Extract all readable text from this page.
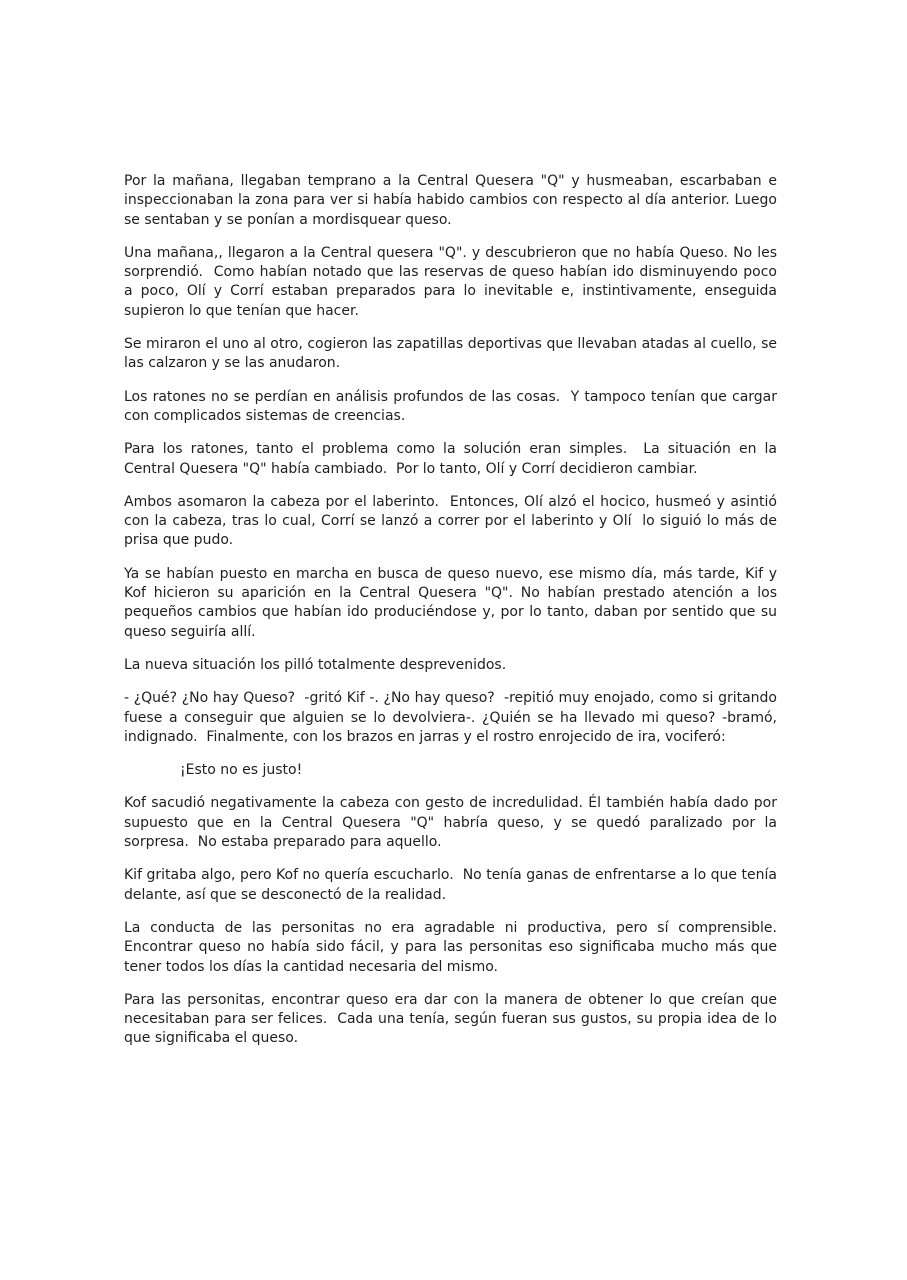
Por la mañana, llegaban temprano a la Central Quesera "Q" y husmeaban, escarbaban e inspeccionaban la zona para ver si había habido cambios con respecto al día anterior. Luego se sentaban y se ponían a mordisquear queso.

Una mañana,, llegaron a la Central quesera "Q". y descubrieron que no había Queso. No les sorprendió.  Como habían notado que las reservas de queso habían ido disminuyendo poco a poco, Olí y Corrí estaban preparados para lo inevitable e, instintivamente, enseguida supieron lo que tenían que hacer.

Se miraron el uno al otro, cogieron las zapatillas deportivas que llevaban atadas al cuello, se las calzaron y se las anudaron.

Los ratones no se perdían en análisis profundos de las cosas.  Y tampoco tenían que cargar con complicados sistemas de creencias.

Para los ratones, tanto el problema como la solución eran simples.  La situación en la Central Quesera "Q" había cambiado.  Por lo tanto, Olí y Corrí decidieron cambiar.

Ambos asomaron la cabeza por el laberinto.  Entonces, Olí alzó el hocico, husmeó y asintió con la cabeza, tras lo cual, Corrí se lanzó a correr por el laberinto y Olí  lo siguió lo más de prisa que pudo.

Ya se habían puesto en marcha en busca de queso nuevo, ese mismo día, más tarde, Kif y Kof hicieron su aparición en la Central Quesera "Q". No habían prestado atención a los pequeños cambios que habían ido produciéndose y, por lo tanto, daban por sentido que su queso seguiría allí.

La nueva situación los pilló totalmente desprevenidos.

- ¿Qué? ¿No hay Queso?  -gritó Kif -. ¿No hay queso?  -repitió muy enojado, como si gritando fuese a conseguir que alguien se lo devolviera-. ¿Quién se ha llevado mi queso? -bramó, indignado.  Finalmente, con los brazos en jarras y el rostro enrojecido de ira, vociferó:

¡Esto no es justo!

Kof sacudió negativamente la cabeza con gesto de incredulidad. Él también había dado por supuesto que en la Central Quesera "Q" habría queso, y se quedó paralizado por la sorpresa.  No estaba preparado para aquello.

Kif gritaba algo, pero Kof no quería escucharlo.  No tenía ganas de enfrentarse a lo que tenía delante, así que se desconectó de la realidad.

La conducta de las personitas no era agradable ni productiva, pero sí comprensible. Encontrar queso no había sido fácil, y para las personitas eso significaba mucho más que tener todos los días la cantidad necesaria del mismo.

Para las personitas, encontrar queso era dar con la manera de obtener lo que creían que necesitaban para ser felices.  Cada una tenía, según fueran sus gustos, su propia idea de lo que significaba el queso.
